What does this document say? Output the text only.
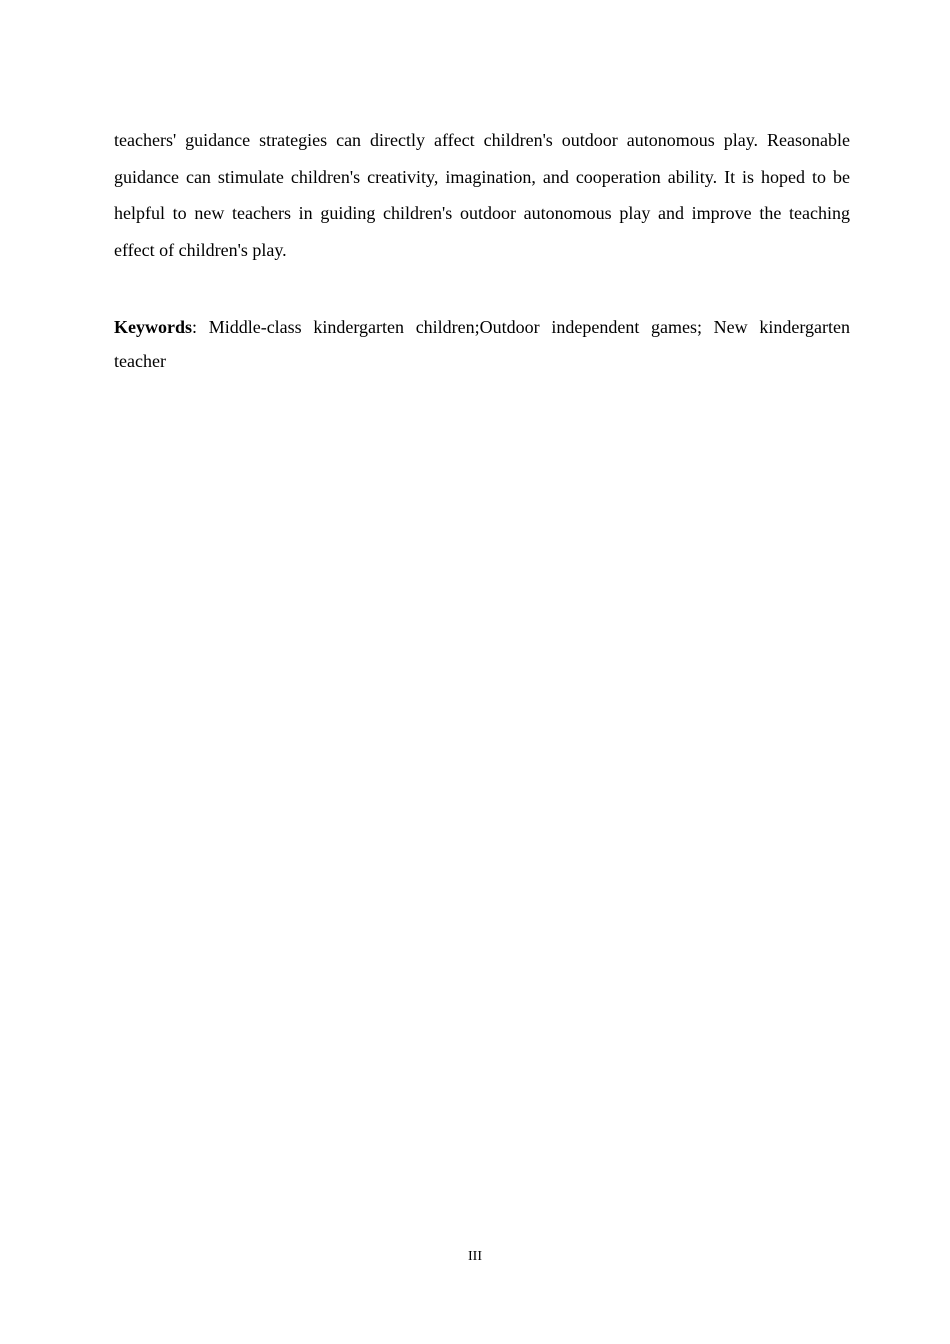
teachers' guidance strategies can directly affect children's outdoor autonomous play. Reasonable guidance can stimulate children's creativity, imagination, and cooperation ability. It is hoped to be helpful to new teachers in guiding children's outdoor autonomous play and improve the teaching effect of children's play.

Keywords: Middle-class kindergarten children;Outdoor independent games; New kindergarten teacher

III
